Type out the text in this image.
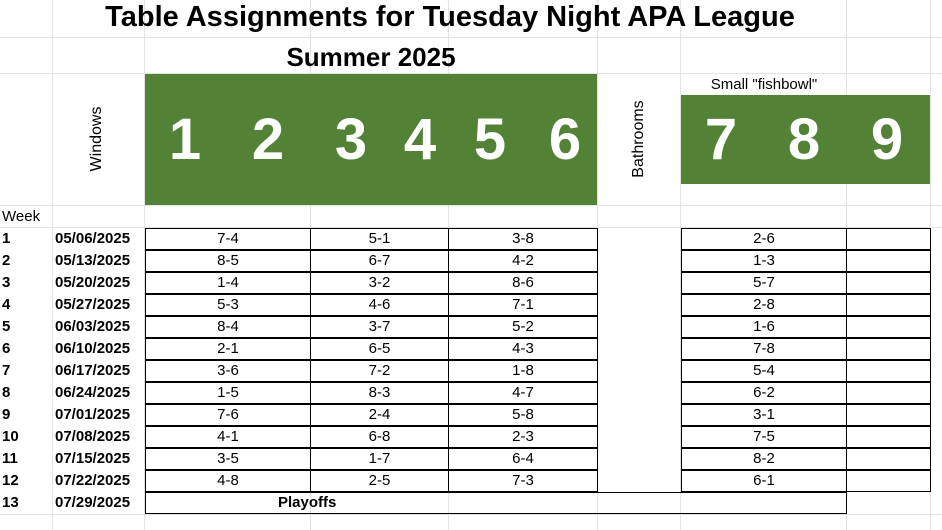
Table Assignments for Tuesday Night APA League
Summer 2025
Windows	Bathrooms
Small "fishbowl"
1 2 3 4 5 6 7 8 9
Week
1	05/06/2025	7-4	5-1	3-8	2-6
2	05/13/2025	8-5	6-7	4-2	1-3
3	05/20/2025	1-4	3-2	8-6	5-7
4	05/27/2025	5-3	4-6	7-1	2-8
5	06/03/2025	8-4	3-7	5-2	1-6
6	06/10/2025	2-1	6-5	4-3	7-8
7	06/17/2025	3-6	7-2	1-8	5-4
8	06/24/2025	1-5	8-3	4-7	6-2
9	07/01/2025	7-6	2-4	5-8	3-1
10	07/08/2025	4-1	6-8	2-3	7-5
11	07/15/2025	3-5	1-7	6-4	8-2
12	07/22/2025	4-8	2-5	7-3	6-1
13	07/29/2025	Playoffs
